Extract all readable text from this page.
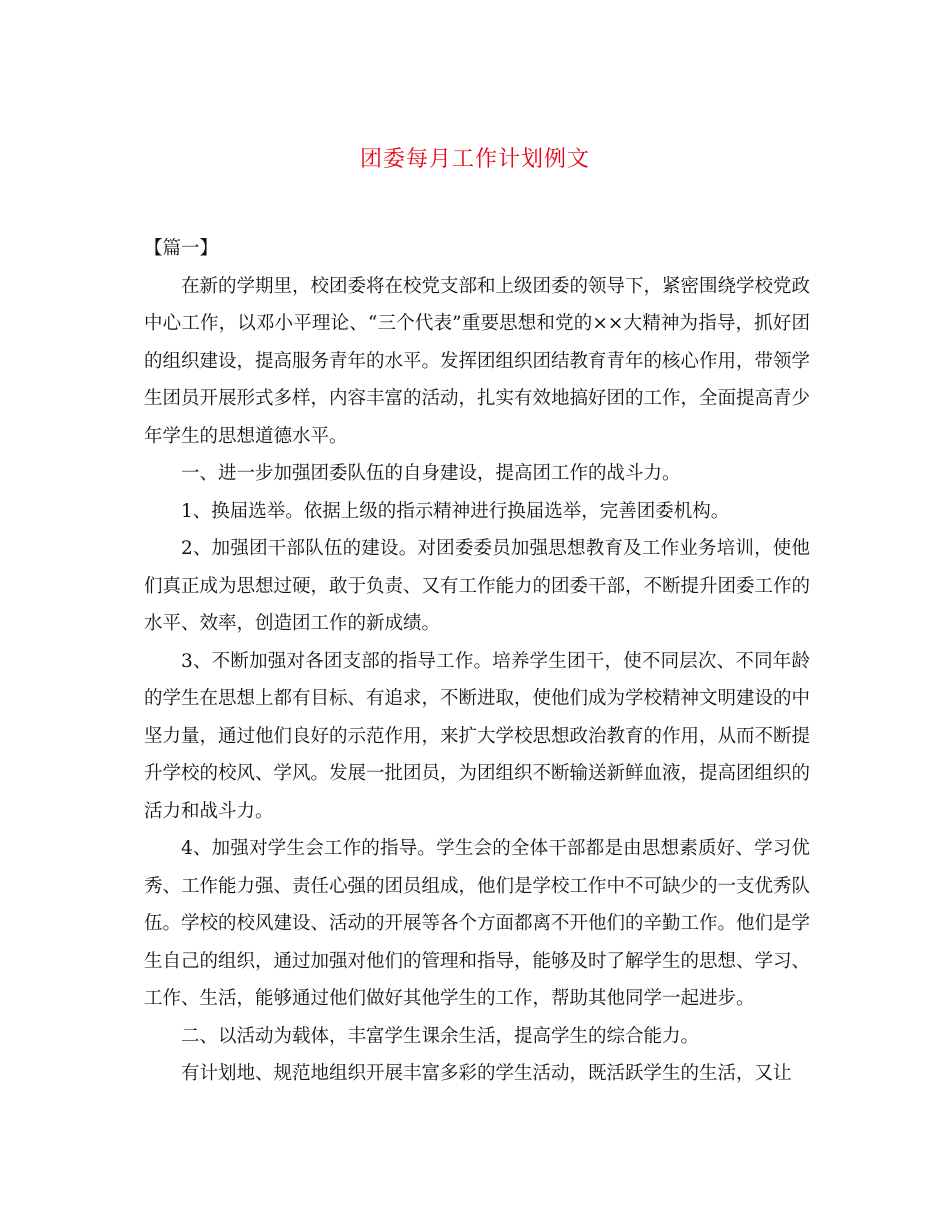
团委每月工作计划例文

【篇一】

在新的学期里，校团委将在校党支部和上级团委的领导下，紧密围绕学校党政中心工作，以邓小平理论、“三个代表”重要思想和党的××大精神为指导，抓好团的组织建设，提高服务青年的水平。发挥团组织团结教育青年的核心作用，带领学生团员开展形式多样，内容丰富的活动，扎实有效地搞好团的工作，全面提高青少年学生的思想道德水平。

一、进一步加强团委队伍的自身建设，提高团工作的战斗力。

1、换届选举。依据上级的指示精神进行换届选举，完善团委机构。

2、加强团干部队伍的建设。对团委委员加强思想教育及工作业务培训，使他们真正成为思想过硬，敢于负责、又有工作能力的团委干部，不断提升团委工作的水平、效率，创造团工作的新成绩。

3、不断加强对各团支部的指导工作。培养学生团干，使不同层次、不同年龄的学生在思想上都有目标、有追求，不断进取，使他们成为学校精神文明建设的中坚力量，通过他们良好的示范作用，来扩大学校思想政治教育的作用，从而不断提升学校的校风、学风。发展一批团员，为团组织不断输送新鲜血液，提高团组织的活力和战斗力。

4、加强对学生会工作的指导。学生会的全体干部都是由思想素质好、学习优秀、工作能力强、责任心强的团员组成，他们是学校工作中不可缺少的一支优秀队伍。学校的校风建设、活动的开展等各个方面都离不开他们的辛勤工作。他们是学生自己的组织，通过加强对他们的管理和指导，能够及时了解学生的思想、学习、工作、生活，能够通过他们做好其他学生的工作，帮助其他同学一起进步。

二、以活动为载体，丰富学生课余生活，提高学生的综合能力。

有计划地、规范地组织开展丰富多彩的学生活动，既活跃学生的生活，又让
